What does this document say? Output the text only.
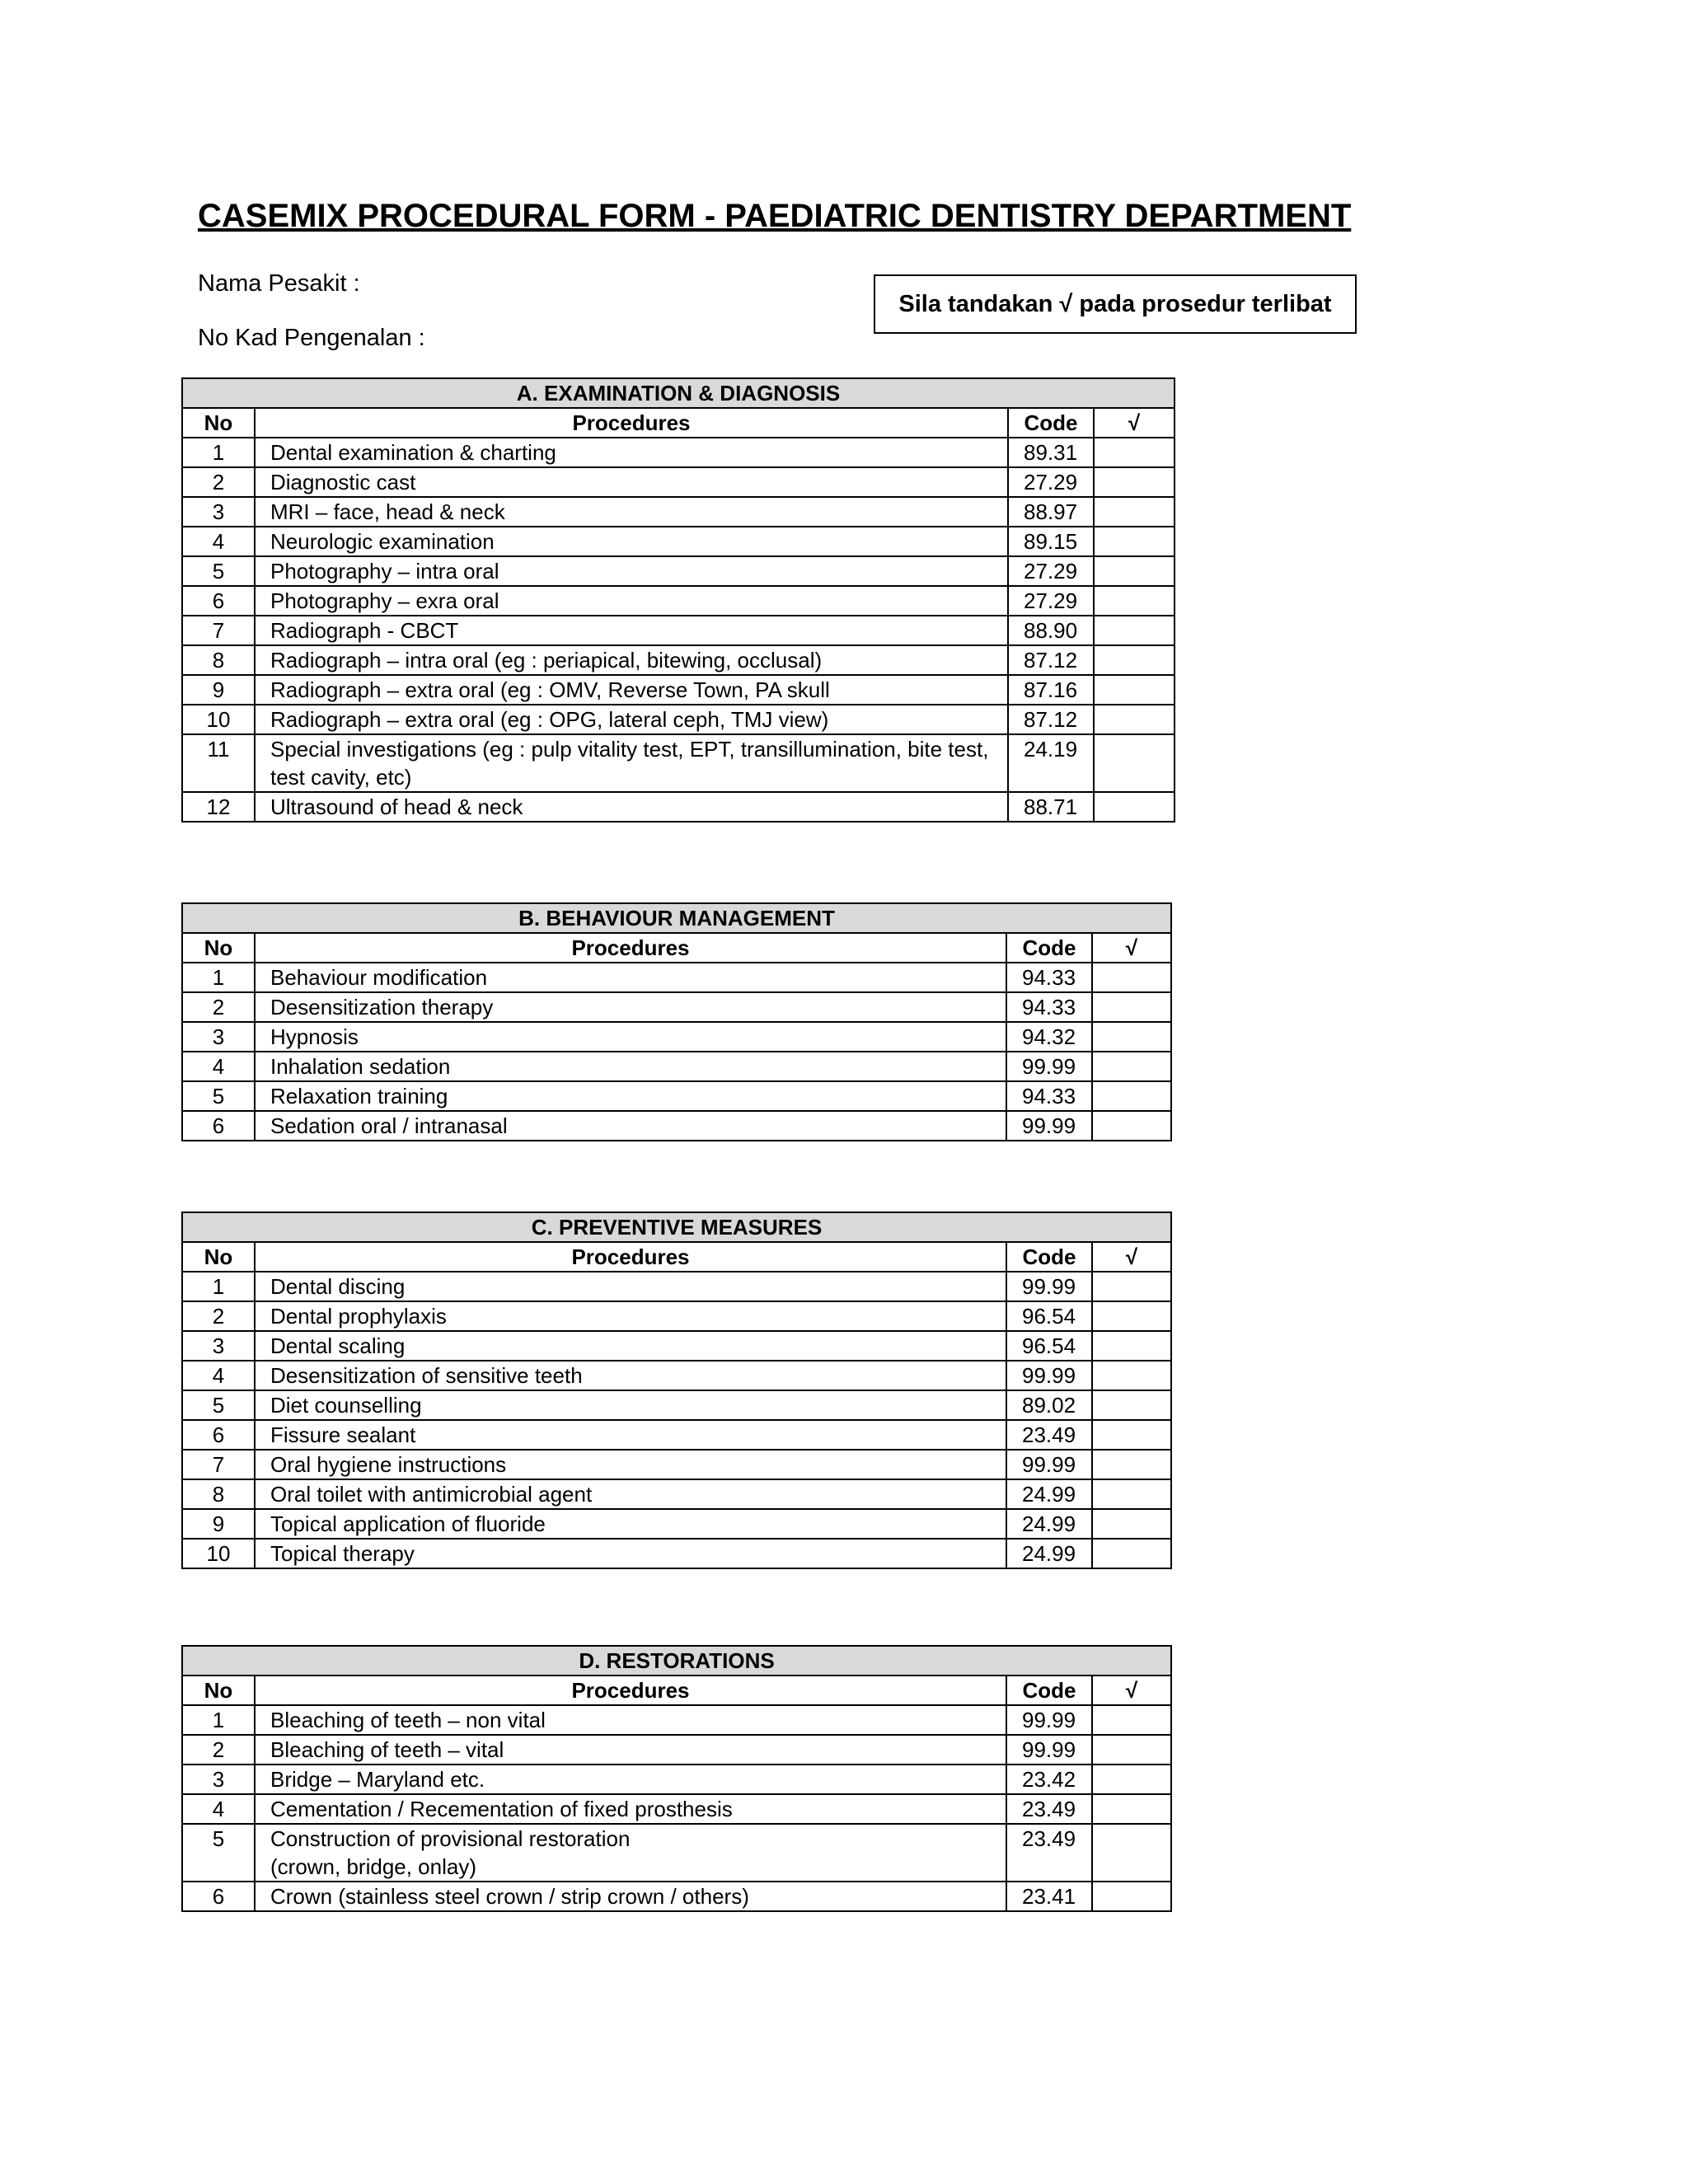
CASEMIX PROCEDURAL FORM - PAEDIATRIC DENTISTRY DEPARTMENT
Nama Pesakit :
No Kad Pengenalan :
Sila tandakan √ pada prosedur terlibat
A. EXAMINATION & DIAGNOSIS			
No	Procedures	Code	√
1	Dental examination & charting	89.31	
2	Diagnostic cast	27.29	
3	MRI – face, head & neck	88.97	
4	Neurologic examination	89.15	
5	Photography – intra oral	27.29	
6	Photography – exra oral	27.29	
7	Radiograph - CBCT	88.90	
8	Radiograph – intra oral (eg : periapical, bitewing, occlusal)	87.12	
9	Radiograph – extra oral (eg : OMV, Reverse Town, PA skull	87.16	
10	Radiograph – extra oral (eg : OPG, lateral ceph, TMJ view)	87.12	
11	Special investigations (eg : pulp vitality test, EPT, transillumination, bite test, test cavity, etc)	24.19	
12	Ultrasound of head & neck	88.71	
B. BEHAVIOUR MANAGEMENT			
No	Procedures	Code	√
1	Behaviour modification	94.33	
2	Desensitization therapy	94.33	
3	Hypnosis	94.32	
4	Inhalation sedation	99.99	
5	Relaxation training	94.33	
6	Sedation oral / intranasal	99.99	
C. PREVENTIVE MEASURES			
No	Procedures	Code	√
1	Dental discing	99.99	
2	Dental prophylaxis	96.54	
3	Dental scaling	96.54	
4	Desensitization of sensitive teeth	99.99	
5	Diet counselling	89.02	
6	Fissure sealant	23.49	
7	Oral hygiene instructions	99.99	
8	Oral toilet with antimicrobial agent	24.99	
9	Topical application of fluoride	24.99	
10	Topical therapy	24.99	
D. RESTORATIONS			
No	Procedures	Code	√
1	Bleaching of teeth – non vital	99.99	
2	Bleaching of teeth – vital	99.99	
3	Bridge – Maryland etc.	23.42	
4	Cementation / Recementation of fixed prosthesis	23.49	
5	Construction of provisional restoration
(crown, bridge, onlay)	23.49	
6	Crown (stainless steel crown / strip crown / others)	23.41	
